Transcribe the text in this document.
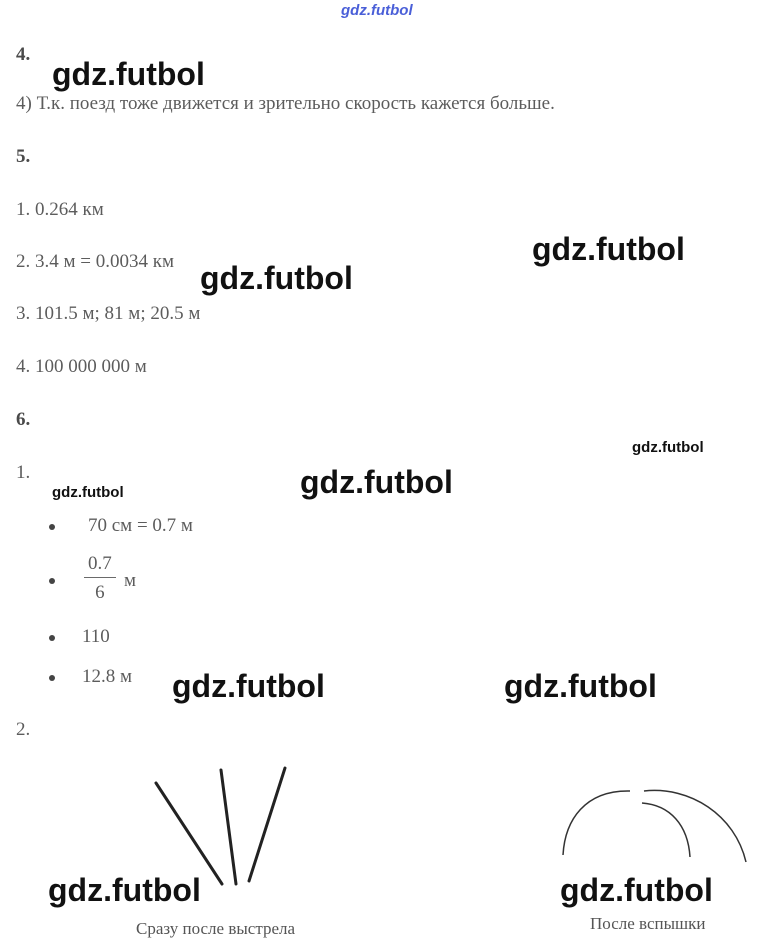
gdz.futbol
4.
4) Т.к. поезд тоже движется и зрительно скорость кажется больше.
5.
1. 0.264 км
2. 3.4 м = 0.0034 км
3. 101.5 м; 81 м; 20.5 м
4. 100 000 000 м
6.
1.
70 см = 0.7 м
$\frac{0.7}{6}$ м
110
12.8 м
2.
Сразу после выстрела	После вспышки
gdz.futbol
gdz.futbol
gdz.futbol
gdz.futbol
gdz.futbol	gdz.futbol
gdz.futbol	gdz.futbol
gdz.futbol	gdz.futbol
